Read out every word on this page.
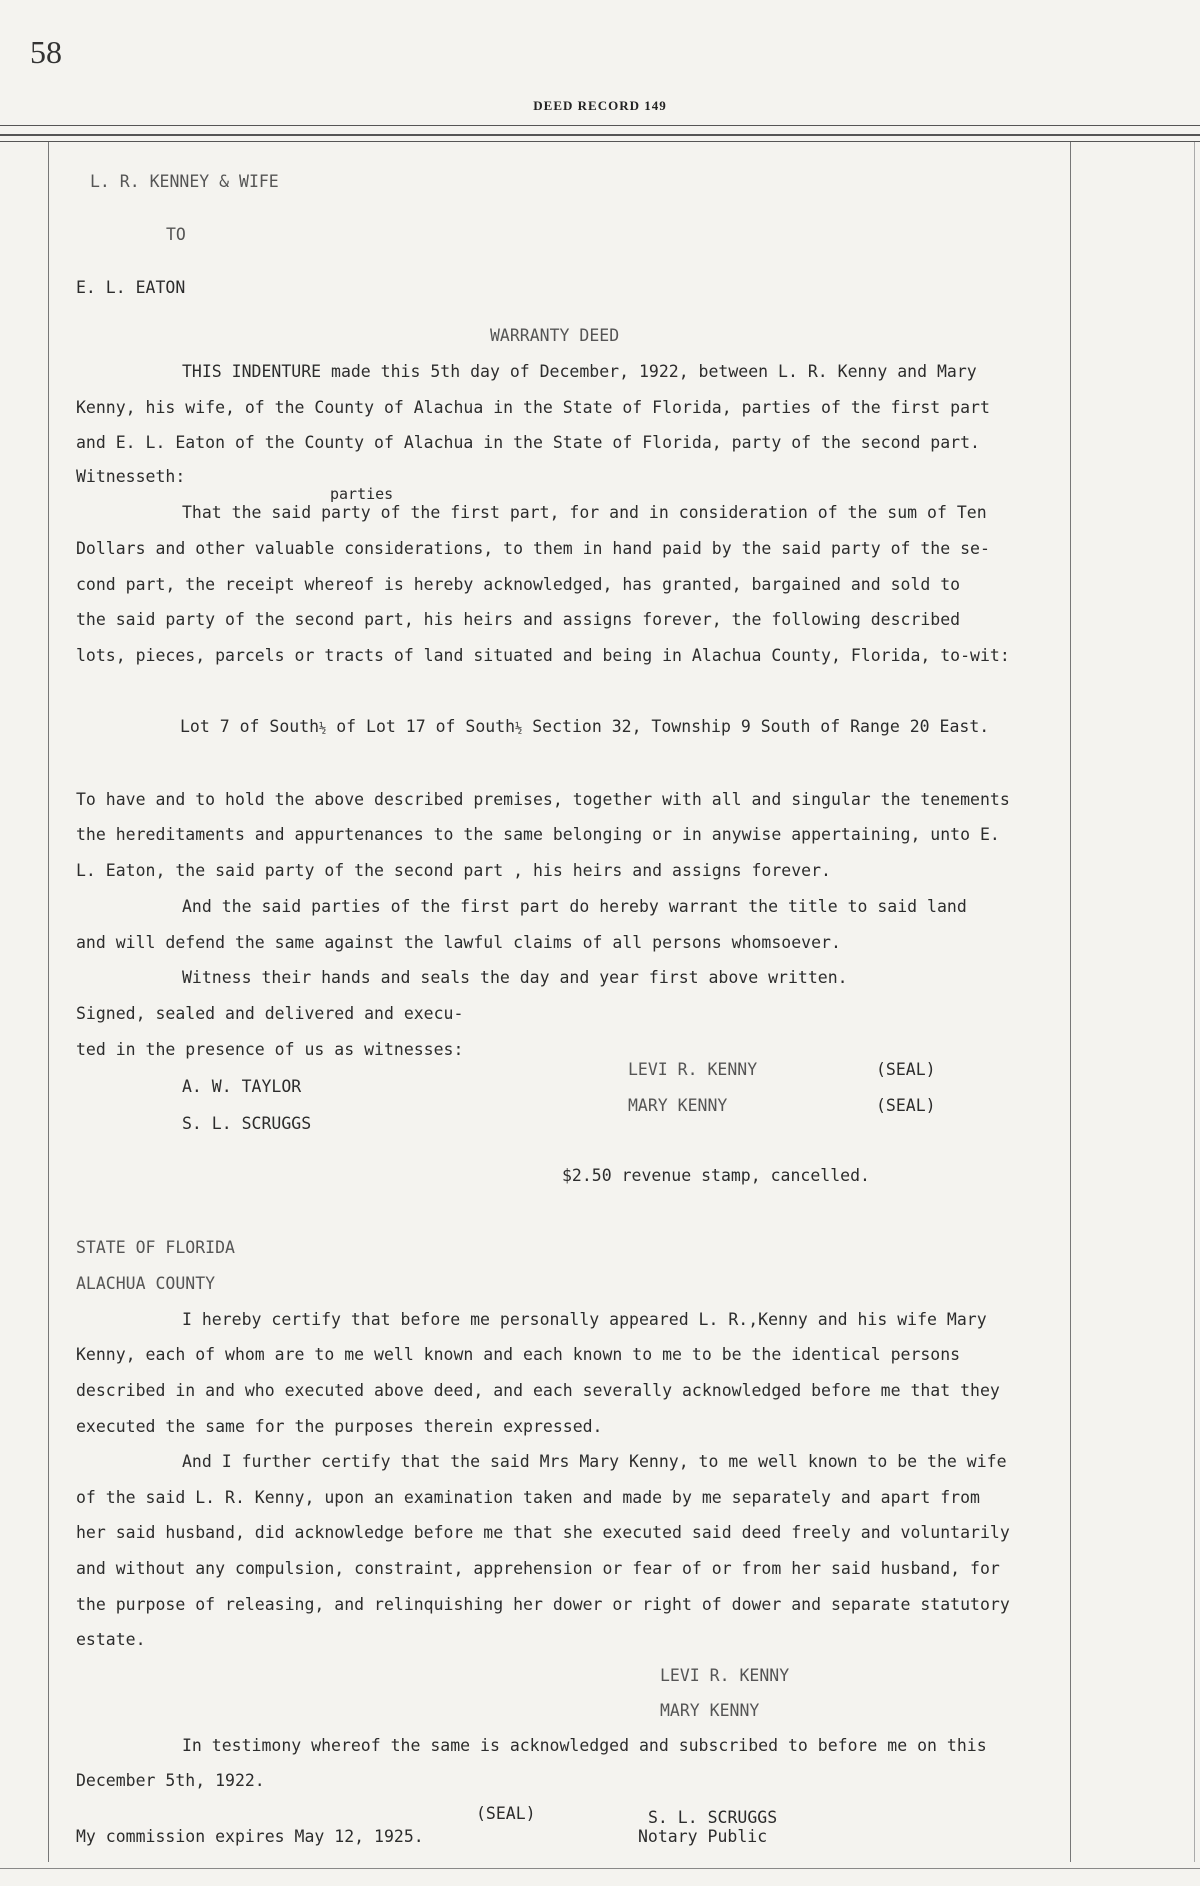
58
DEED RECORD 149

L. R. KENNEY & WIFE

TO

E. L. EATON

WARRANTY DEED

THIS INDENTURE made this 5th day of December, 1922, between L. R. Kenny and Mary

Kenny, his wife, of the County of Alachua in the State of Florida, parties of the first part

and E. L. Eaton of the County of Alachua in the State of Florida, party of the second part.

Witnesseth:

parties

That the said party of the first part, for and in consideration of the sum of Ten

Dollars and other valuable considerations, to them in hand paid by the said party of the se-

cond part, the receipt whereof is hereby acknowledged, has granted, bargained and sold to

the said party of the second part, his heirs and assigns forever, the following described

lots, pieces, parcels or tracts of land situated and being in Alachua County, Florida, to-wit:

Lot 7 of South½ of Lot 17 of South½ Section 32, Township 9 South of Range 20 East.

To have and to hold the above described premises, together with all and singular the tenements

the hereditaments and appurtenances to the same belonging or in anywise appertaining, unto E.

L. Eaton, the said party of the second part , his heirs and assigns forever.

And the said parties of the first part do hereby warrant the title to said land

and will defend the same against the lawful claims of all persons whomsoever.

Witness their hands and seals the day and year first above written.

Signed, sealed and delivered and execu-

ted in the presence of us as witnesses:

LEVI R. KENNY	(SEAL)

A. W. TAYLOR

MARY KENNY	(SEAL)

S. L. SCRUGGS

$2.50 revenue stamp, cancelled.

STATE OF FLORIDA

ALACHUA COUNTY

I hereby certify that before me personally appeared L. R.,Kenny and his wife Mary

Kenny, each of whom are to me well known and each known to me to be the identical persons

described in and who executed above deed, and each severally acknowledged before me that they

executed the same for the purposes therein expressed.

And I further certify that the said Mrs Mary Kenny, to me well known to be the wife

of the said L. R. Kenny, upon an examination taken and made by me separately and apart from

her said husband, did acknowledge before me that she executed said deed freely and voluntarily

and without any compulsion, constraint, apprehension or fear of or from her said husband, for

the purpose of releasing, and relinquishing her dower or right of dower and separate statutory

estate.

LEVI R. KENNY

MARY KENNY

In testimony whereof the same is acknowledged and subscribed to before me on this

December 5th, 1922.

(SEAL)	S. L. SCRUGGS

My commission expires May 12, 1925.	Notary Public
